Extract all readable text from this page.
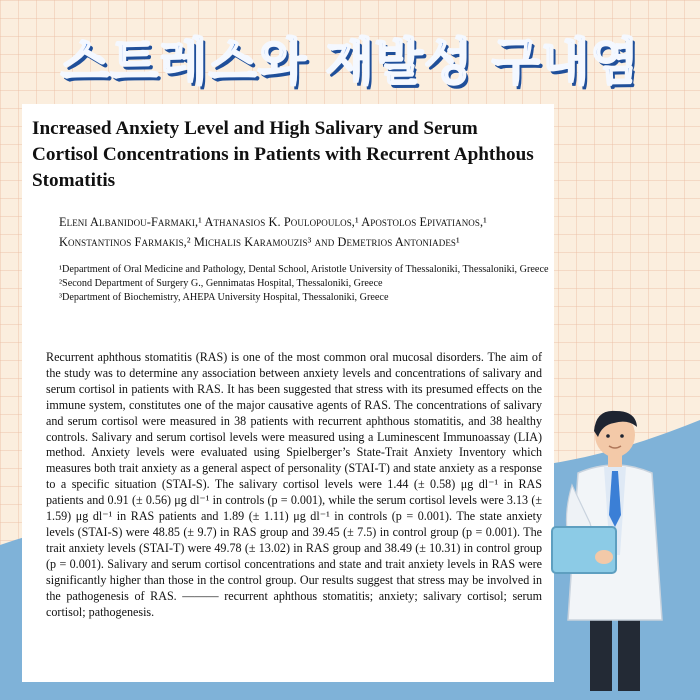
스트레스와 재발성 구내염
Increased Anxiety Level and High Salivary and Serum Cortisol Concentrations in Patients with Recurrent Aphthous Stomatitis
Eleni Albanidou-Farmaki,¹ Athanasios K. Poulopoulos,¹ Apostolos Epivatianos,¹
Konstantinos Farmakis,² Michalis Karamouzis³ and Demetrios Antoniades¹
¹Department of Oral Medicine and Pathology, Dental School, Aristotle University of Thessaloniki, Thessaloniki, Greece
²Second Department of Surgery G., Gennimatas Hospital, Thessaloniki, Greece
³Department of Biochemistry, AHEPA University Hospital, Thessaloniki, Greece
Recurrent aphthous stomatitis (RAS) is one of the most common oral mucosal disorders. The aim of the study was to determine any association between anxiety levels and concentrations of salivary and serum cortisol in patients with RAS. It has been suggested that stress with its presumed effects on the immune system, constitutes one of the major causative agents of RAS. The concentrations of salivary and serum cortisol were measured in 38 patients with recurrent aphthous stomatitis, and 38 healthy controls. Salivary and serum cortisol levels were measured using a Luminescent Immunoassay (LIA) method. Anxiety levels were evaluated using Spielberger’s State-Trait Anxiety Inventory which measures both trait anxiety as a general aspect of personality (STAI-T) and state anxiety as a response to a specific situation (STAI-S). The salivary cortisol levels were 1.44 (± 0.58) μg dl⁻¹ in RAS patients and 0.91 (± 0.56) μg dl⁻¹ in controls (p = 0.001), while the serum cortisol levels were 3.13 (± 1.59) μg dl⁻¹ in RAS patients and 1.89 (± 1.11) μg dl⁻¹ in controls (p = 0.001). The state anxiety levels (STAI-S) were 48.85 (± 9.7) in RAS group and 39.45 (± 7.5) in control group (p = 0.001). The trait anxiety levels (STAI-T) were 49.78 (± 13.02) in RAS group and 38.49 (± 10.31) in control group (p = 0.001). Salivary and serum cortisol concentrations and state and trait anxiety levels in RAS were significantly higher than those in the control group. Our results suggest that stress may be involved in the pathogenesis of RAS. ——— recurrent aphthous stomatitis; anxiety; salivary cortisol; serum cortisol; pathogenesis.
